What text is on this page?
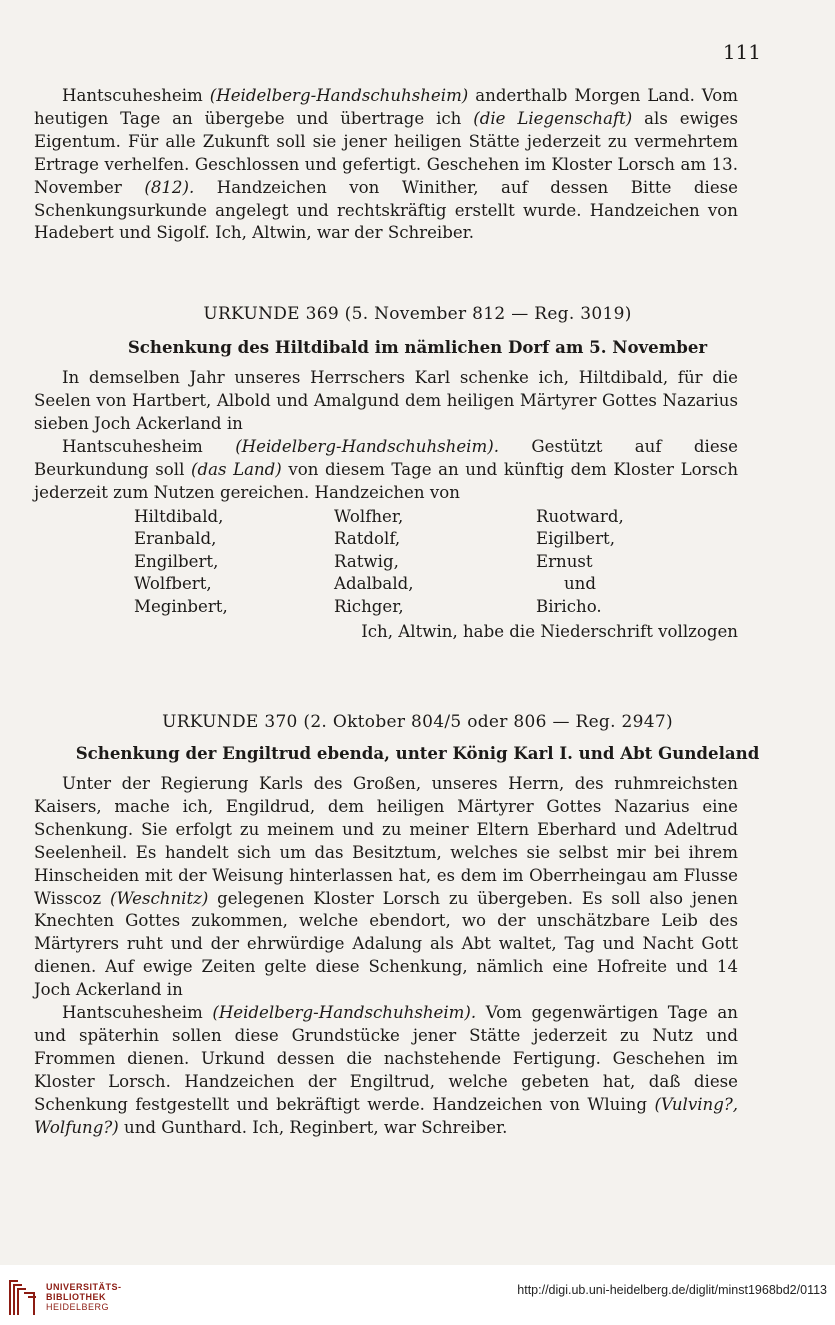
111

Hantscuhesheim (Heidelberg-Handschuhsheim) anderthalb Morgen Land. Vom heutigen Tage an übergebe und übertrage ich (die Liegenschaft) als ewiges Eigentum. Für alle Zukunft soll sie jener heiligen Stätte jederzeit zu vermehrtem Ertrage verhelfen. Geschlossen und gefertigt. Geschehen im Kloster Lorsch am 13. November (812). Handzeichen von Winither, auf dessen Bitte diese Schenkungsurkunde angelegt und rechtskräftig erstellt wurde. Handzeichen von Hadebert und Sigolf. Ich, Altwin, war der Schreiber.

URKUNDE 369 (5. November 812 — Reg. 3019)
Schenkung des Hiltdibald im nämlichen Dorf am 5. November

In demselben Jahr unseres Herrschers Karl schenke ich, Hiltdibald, für die Seelen von Hartbert, Albold und Amalgund dem heiligen Märtyrer Gottes Nazarius sieben Joch Ackerland in

Hantscuhesheim (Heidelberg-Handschuhsheim). Gestützt auf diese Beurkundung soll (das Land) von diesem Tage an und künftig dem Kloster Lorsch jederzeit zum Nutzen gereichen. Handzeichen von

Hiltdibald,	Wolfher,	Ruotward,
Eranbald,	Ratdolf,	Eigilbert,
Engilbert,	Ratwig,	Ernust
Wolfbert,	Adalbald,	und
Meginbert,	Richger,	Biricho.

Ich, Altwin, habe die Niederschrift vollzogen

URKUNDE 370 (2. Oktober 804/5 oder 806 — Reg. 2947)
Schenkung der Engiltrud ebenda, unter König Karl I. und Abt Gundeland

Unter der Regierung Karls des Großen, unseres Herrn, des ruhmreichsten Kaisers, mache ich, Engildrud, dem heiligen Märtyrer Gottes Nazarius eine Schenkung. Sie erfolgt zu meinem und zu meiner Eltern Eberhard und Adeltrud Seelenheil. Es handelt sich um das Besitztum, welches sie selbst mir bei ihrem Hinscheiden mit der Weisung hinterlassen hat, es dem im Oberrheingau am Flusse Wisscoz (Weschnitz) gelegenen Kloster Lorsch zu übergeben. Es soll also jenen Knechten Gottes zukommen, welche ebendort, wo der unschätzbare Leib des Märtyrers ruht und der ehrwürdige Adalung als Abt waltet, Tag und Nacht Gott dienen. Auf ewige Zeiten gelte diese Schenkung, nämlich eine Hofreite und 14 Joch Ackerland in

Hantscuhesheim (Heidelberg-Handschuhsheim). Vom gegenwärtigen Tage an und späterhin sollen diese Grundstücke jener Stätte jederzeit zu Nutz und Frommen dienen. Urkund dessen die nachstehende Fertigung. Geschehen im Kloster Lorsch. Handzeichen der Engiltrud, welche gebeten hat, daß diese Schenkung festgestellt und bekräftigt werde. Handzeichen von Wluing (Vulving?, Wolfung?) und Gunthard. Ich, Reginbert, war Schreiber.

UNIVERSITÄTS-
BIBLIOTHEK
HEIDELBERG
http://digi.ub.uni-heidelberg.de/diglit/minst1968bd2/0113
